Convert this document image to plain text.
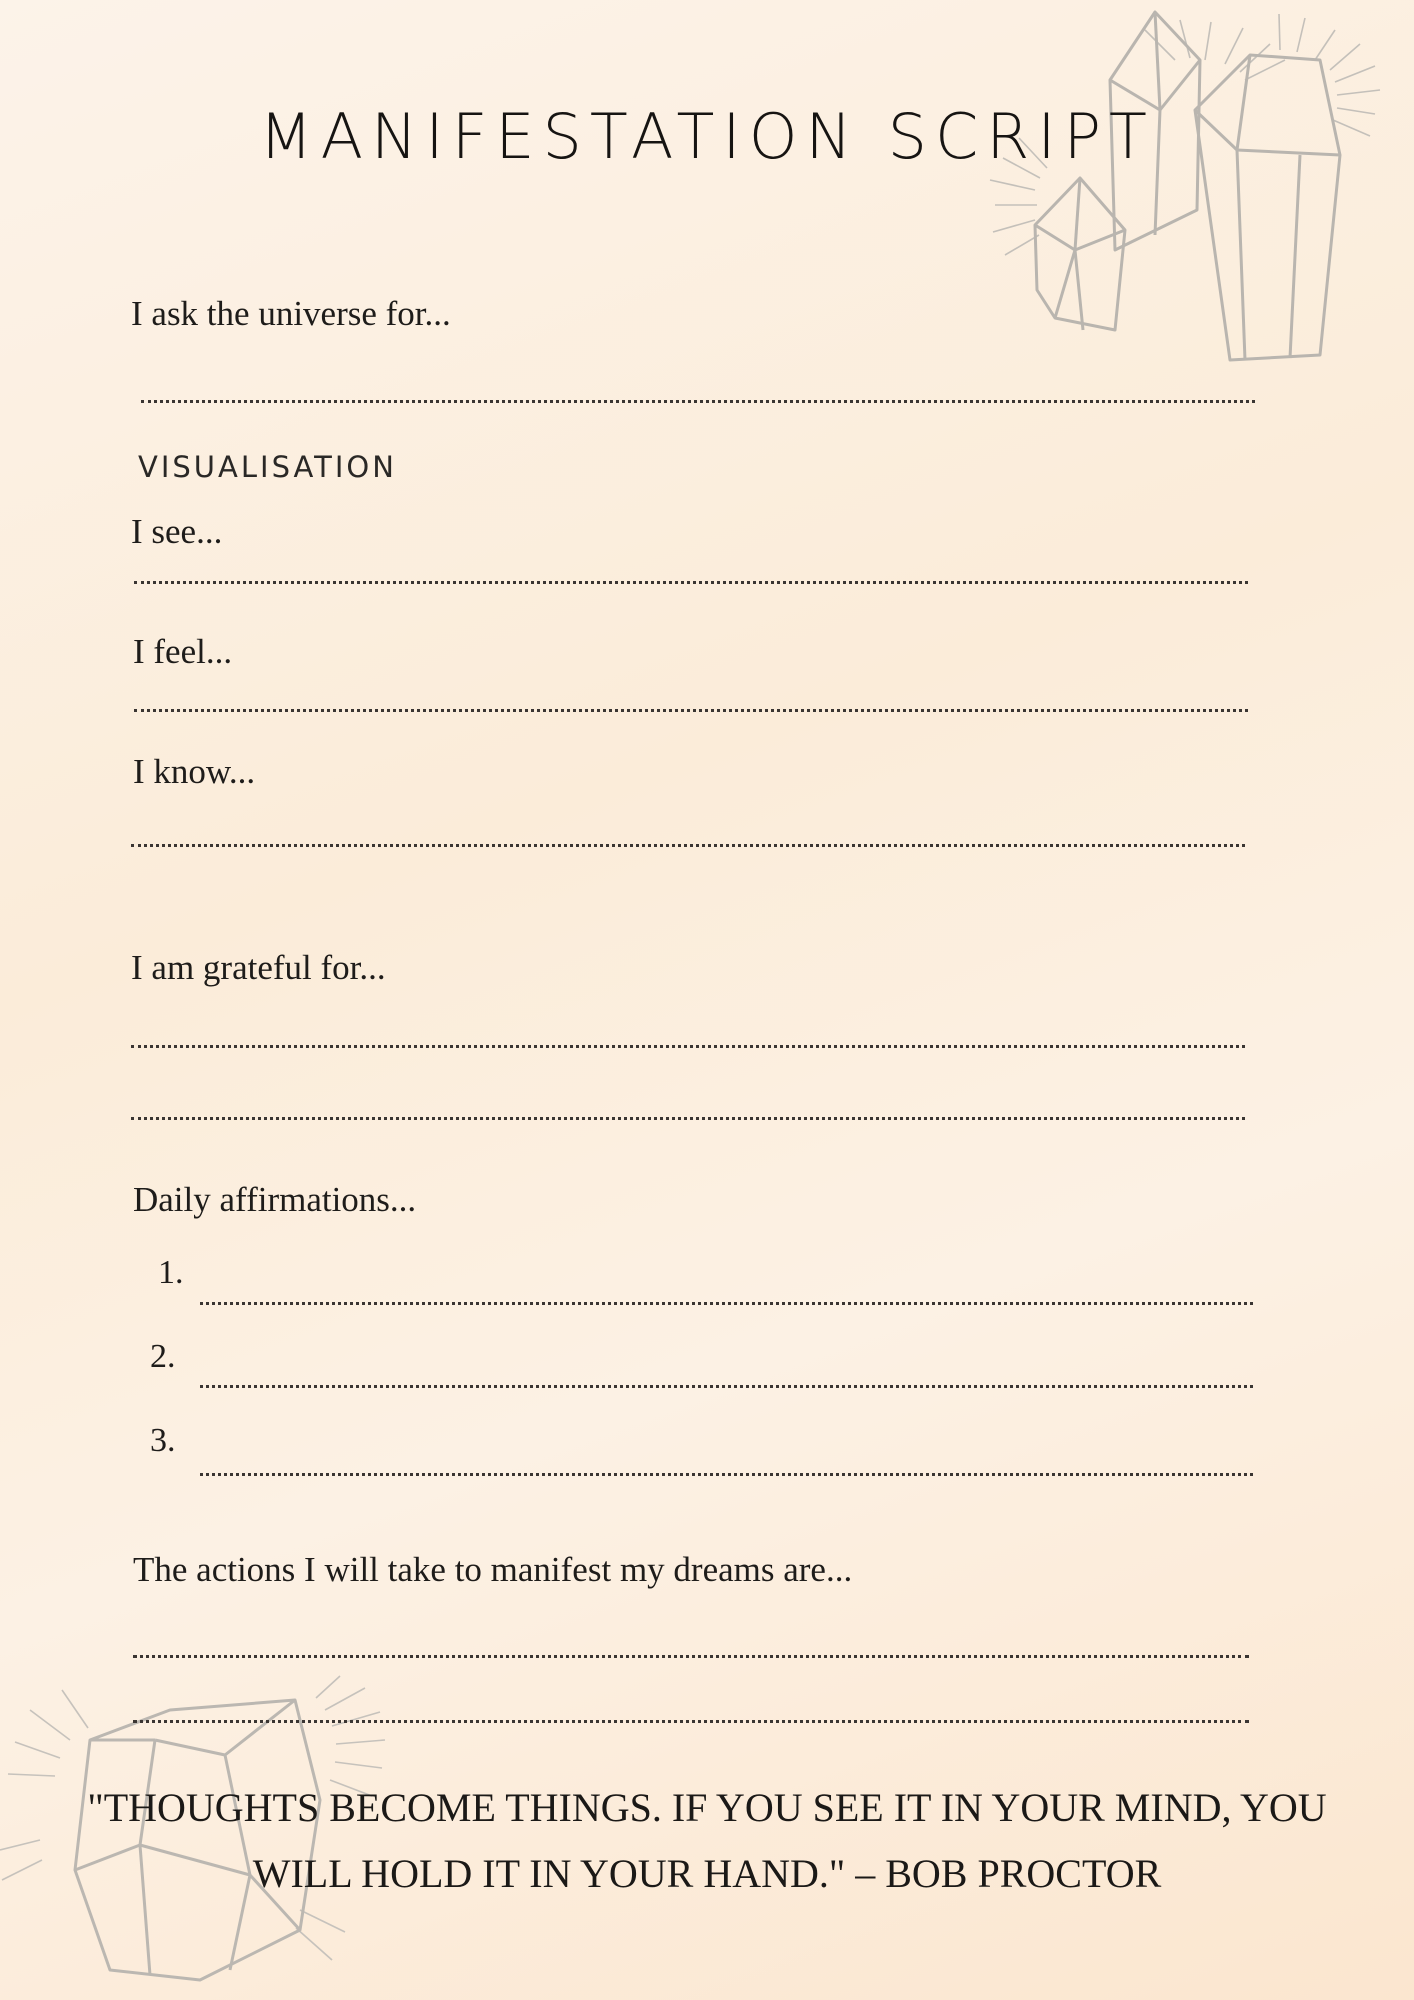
MANIFESTATION SCRIPT
I ask the universe for...
VISUALISATION
I see...
I feel...
I know...
I am grateful for...
Daily affirmations...
1.
2.
3.
The actions I will take to manifest my dreams are...
"THOUGHTS BECOME THINGS. IF YOU SEE IT IN YOUR MIND, YOU WILL HOLD IT IN YOUR HAND." – BOB PROCTOR
